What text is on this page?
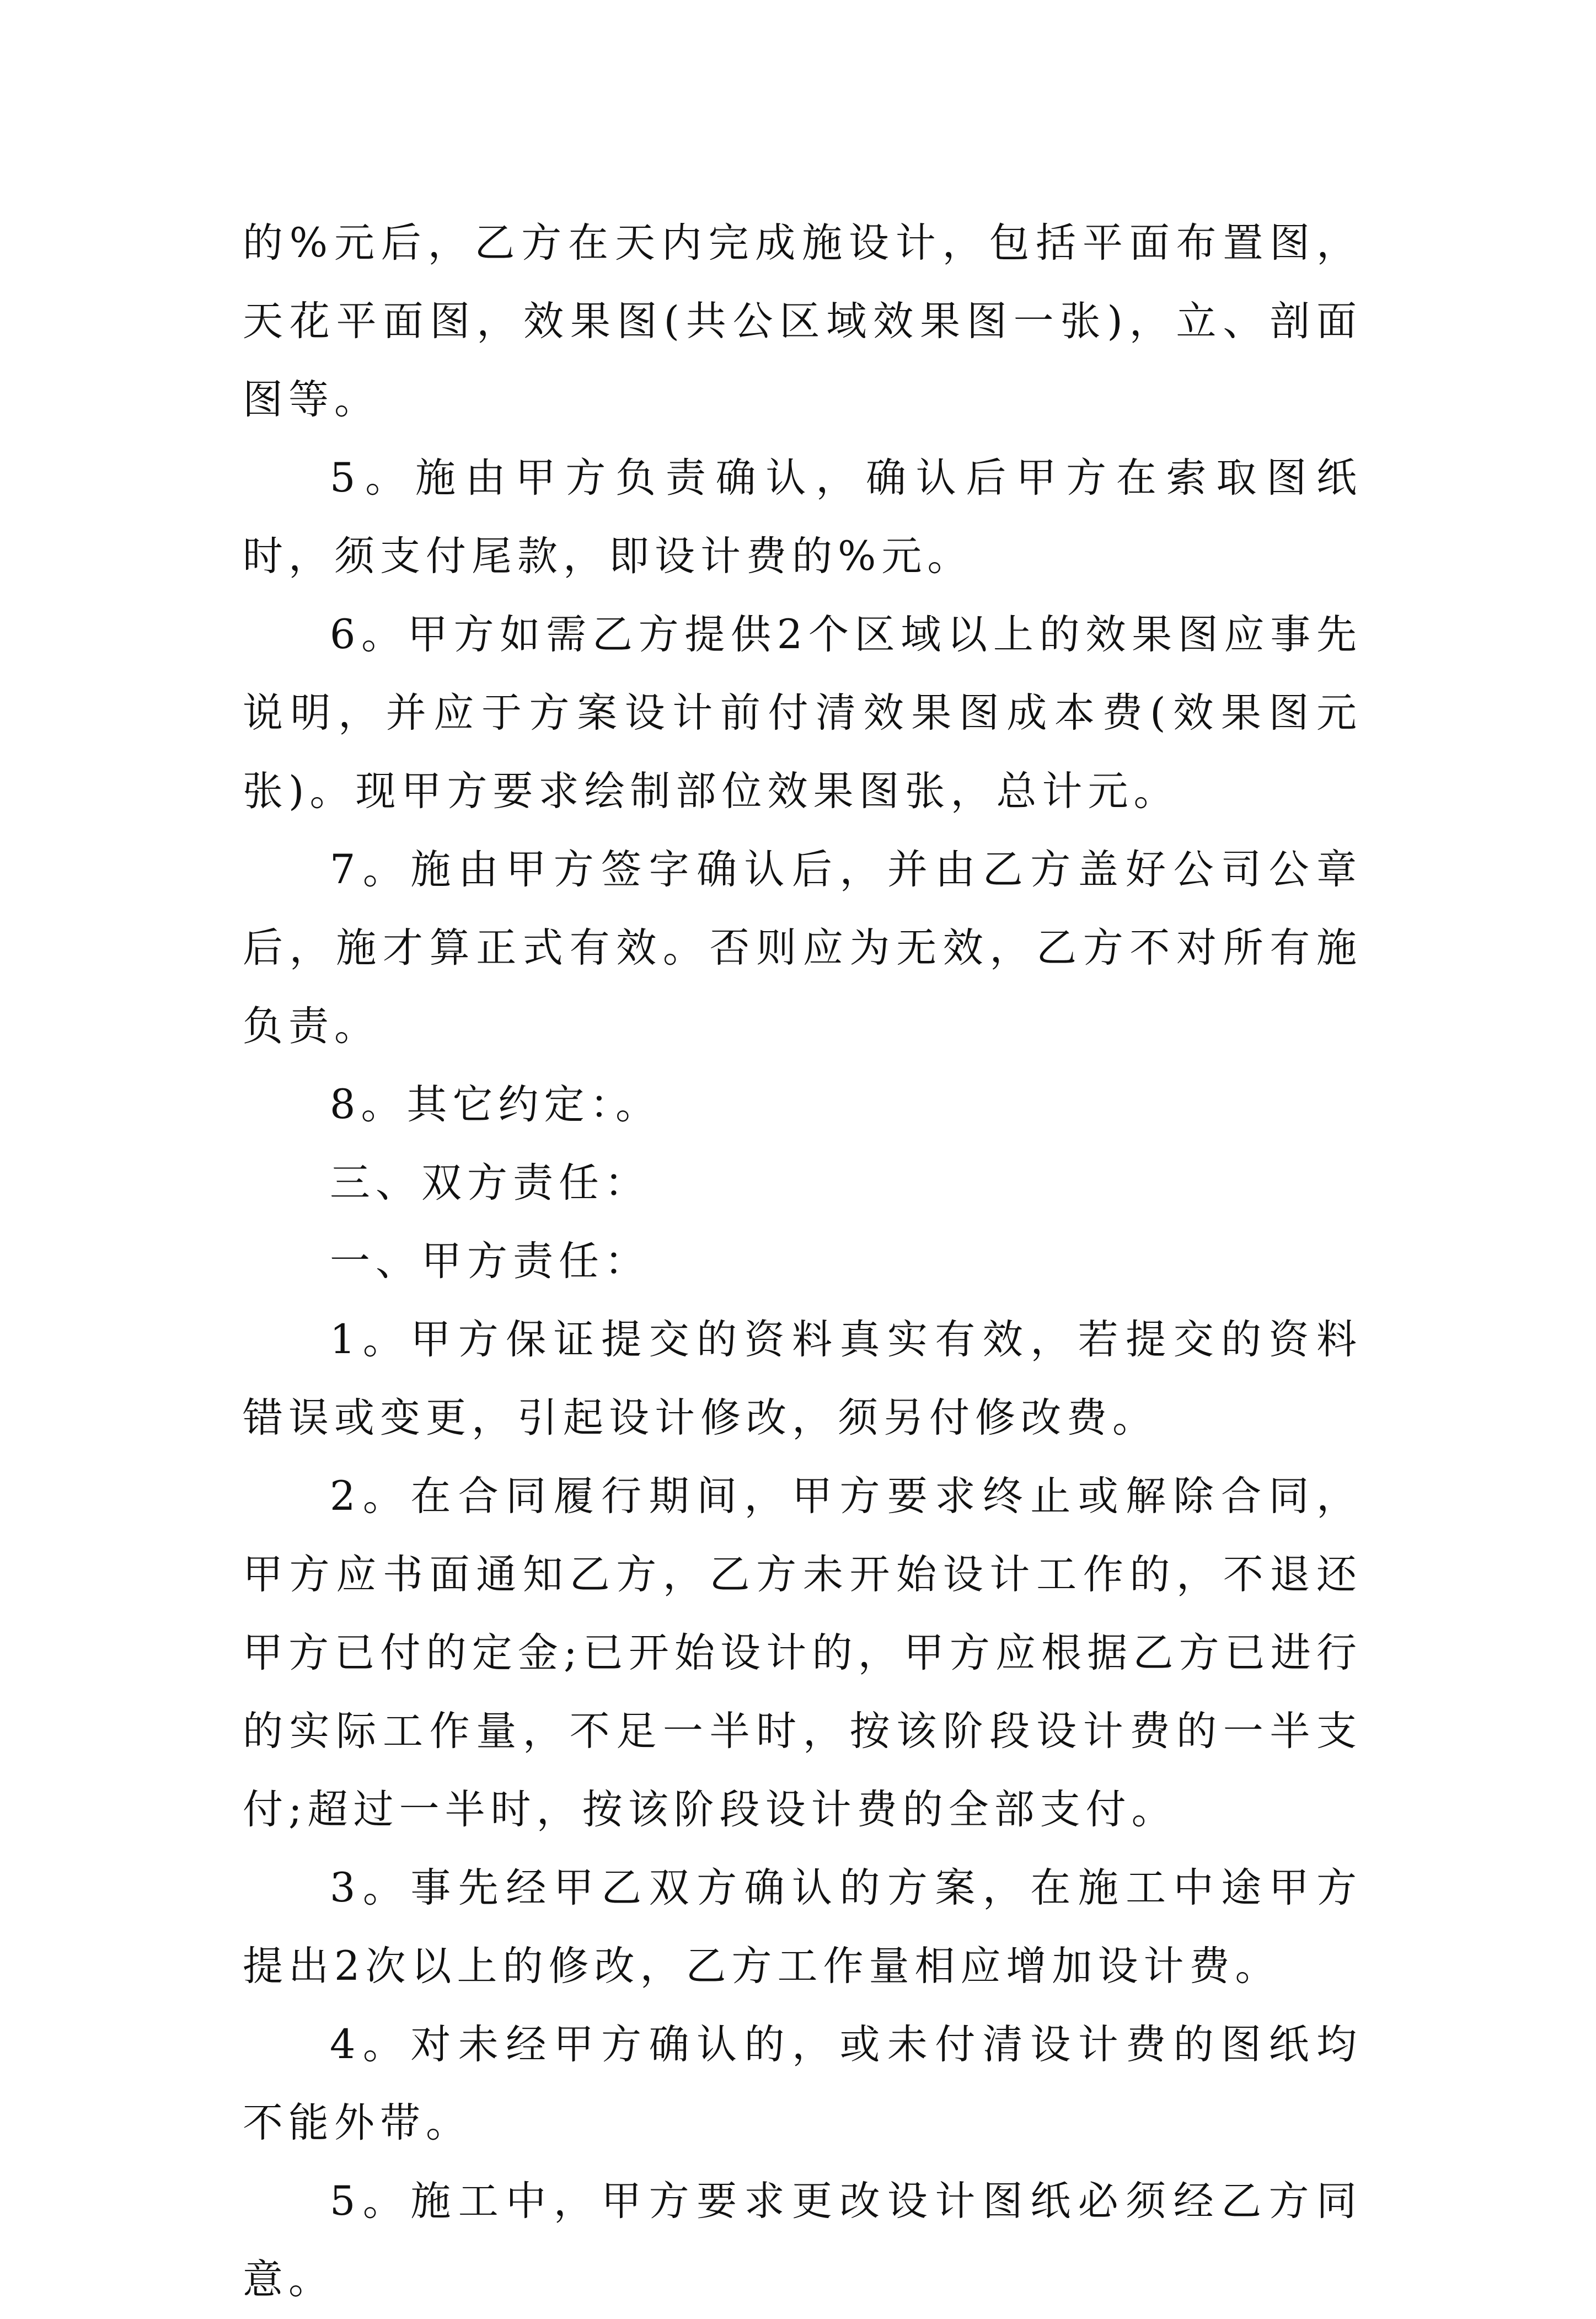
的%元后，乙方在天内完成施设计，包括平面布置图，天花平面图，效果图(共公区域效果图一张)，立、剖面图等。

5。施由甲方负责确认，确认后甲方在索取图纸时，须支付尾款，即设计费的%元。

6。甲方如需乙方提供2个区域以上的效果图应事先说明，并应于方案设计前付清效果图成本费(效果图元张)。现甲方要求绘制部位效果图张，总计元。

7。施由甲方签字确认后，并由乙方盖好公司公章后，施才算正式有效。否则应为无效，乙方不对所有施负责。

8。其它约定：。

三、双方责任：

一、甲方责任：

1。甲方保证提交的资料真实有效，若提交的资料错误或变更，引起设计修改，须另付修改费。

2。在合同履行期间，甲方要求终止或解除合同，甲方应书面通知乙方，乙方未开始设计工作的，不退还甲方已付的定金;已开始设计的，甲方应根据乙方已进行的实际工作量，不足一半时，按该阶段设计费的一半支付;超过一半时，按该阶段设计费的全部支付。

3。事先经甲乙双方确认的方案，在施工中途甲方提出2次以上的修改，乙方工作量相应增加设计费。

4。对未经甲方确认的，或未付清设计费的图纸均不能外带。

5。施工中，甲方要求更改设计图纸必须经乙方同意。
